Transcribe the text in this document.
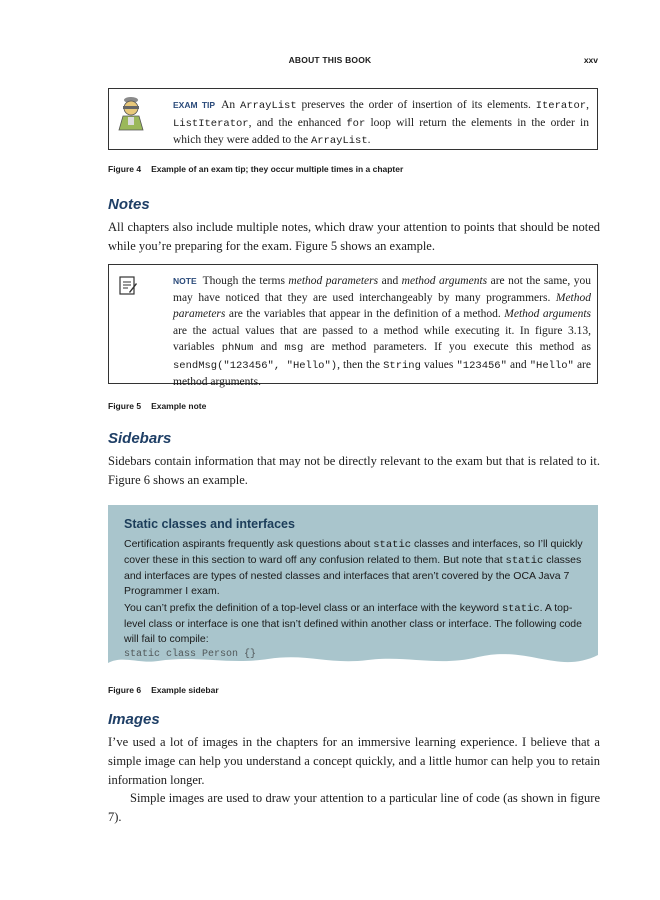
ABOUT THIS BOOK	xxv
EXAM TIP An ArrayList preserves the order of insertion of its elements. Iterator, ListIterator, and the enhanced for loop will return the elements in the order in which they were added to the ArrayList.
Figure 4 Example of an exam tip; they occur multiple times in a chapter
Notes

All chapters also include multiple notes, which draw your attention to points that should be noted while you’re preparing for the exam. Figure 5 shows an example.

NOTE Though the terms method parameters and method arguments are not the same, you may have noticed that they are used interchangeably by many programmers. Method parameters are the variables that appear in the definition of a method. Method arguments are the actual values that are passed to a method while executing it. In figure 3.13, variables phNum and msg are method parameters. If you execute this method as sendMsg("123456", "Hello"), then the String values "123456" and "Hello" are method arguments.
Figure 5 Example note
Sidebars

Sidebars contain information that may not be directly relevant to the exam but that is related to it. Figure 6 shows an example.

Static classes and interfaces

Certification aspirants frequently ask questions about static classes and interfaces, so I’ll quickly cover these in this section to ward off any confusion related to them. But note that static classes and interfaces are types of nested classes and interfaces that aren’t covered by the OCA Java 7 Programmer I exam.

You can’t prefix the definition of a top-level class or an interface with the keyword static. A top-level class or interface is one that isn’t defined within another class or interface. The following code will fail to compile:

static class Person {}
Figure 6 Example sidebar
Images

I’ve used a lot of images in the chapters for an immersive learning experience. I believe that a simple image can help you understand a concept quickly, and a little humor can help you to retain information longer.

Simple images are used to draw your attention to a particular line of code (as shown in figure 7).
